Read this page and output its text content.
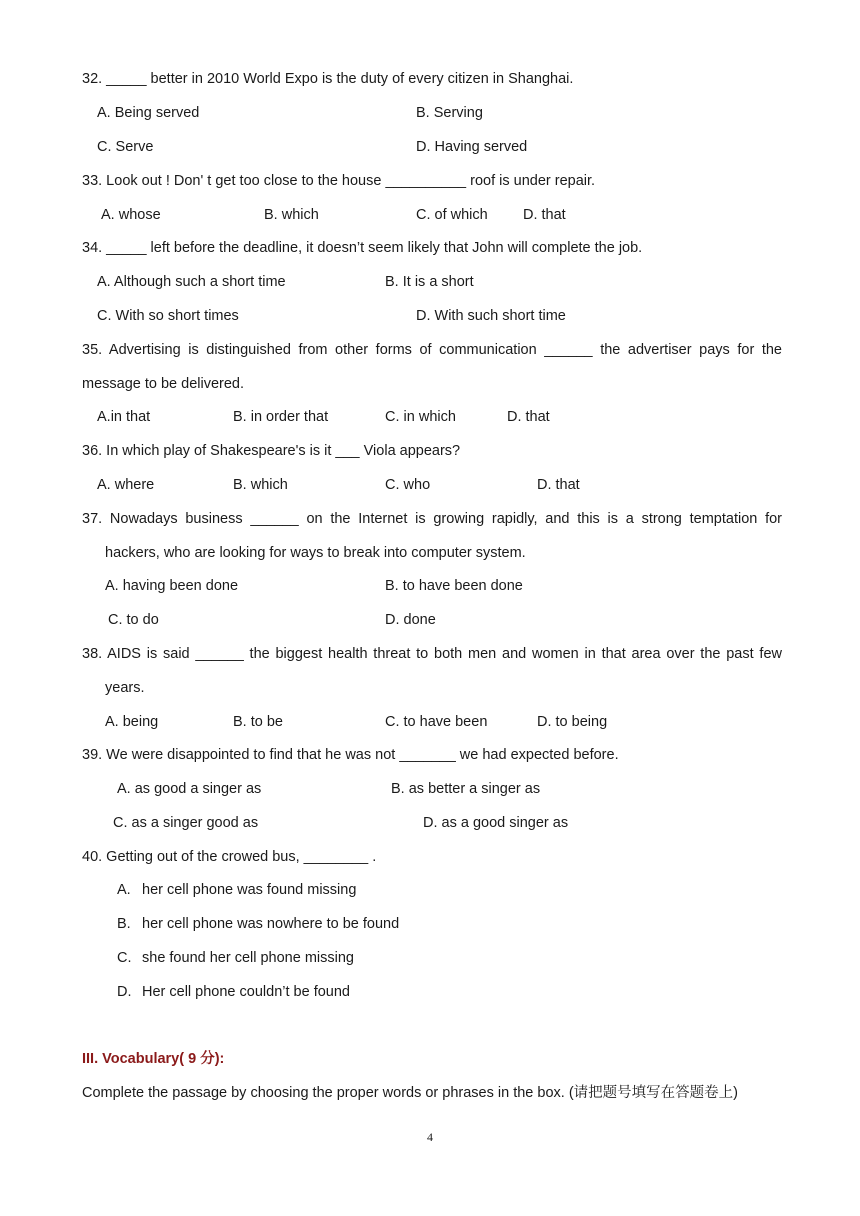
32. _____ better in 2010 World Expo is the duty of every citizen in Shanghai.
A. Being served	B. Serving
C. Serve	D. Having served
33. Look out ! Don' t get too close to the house __________ roof is under repair.
A. whose	B. which	C. of which D. that
34. _____ left before the deadline, it doesn’t seem likely that John will complete the job.
A. Although such a short time	B. It is a short
C. With so short times	D. With such short time
35. Advertising is distinguished from other forms of communication ______ the advertiser pays for the
message to be delivered.
A.in that	B. in order that	C. in which	D. that
36. In which play of Shakespeare's is it ___ Viola appears?
A. where	B. which	C. who	D. that
37. Nowadays business ______ on the Internet is growing rapidly, and this is a strong temptation for
hackers, who are looking for ways to break into computer system.
A. having been done	B. to have been done
C. to do	D. done
38. AIDS is said ______ the biggest health threat to both men and women in that area over the past few
years.
A. being	B. to be	C. to have been	D. to being
39. We were disappointed to find that he was not _______ we had expected before.
A. as good a singer as	B. as better a singer as
C. as a singer good as	D. as a good singer as
40. Getting out of the crowed bus, ________ .
A. her cell phone was found missing
B. her cell phone was nowhere to be found
C. she found her cell phone missing
D. Her cell phone couldn’t be found
III. Vocabulary( 9 分):
Complete the passage by choosing the proper words or phrases in the box. (请把题号填写在答题卷上)
4
